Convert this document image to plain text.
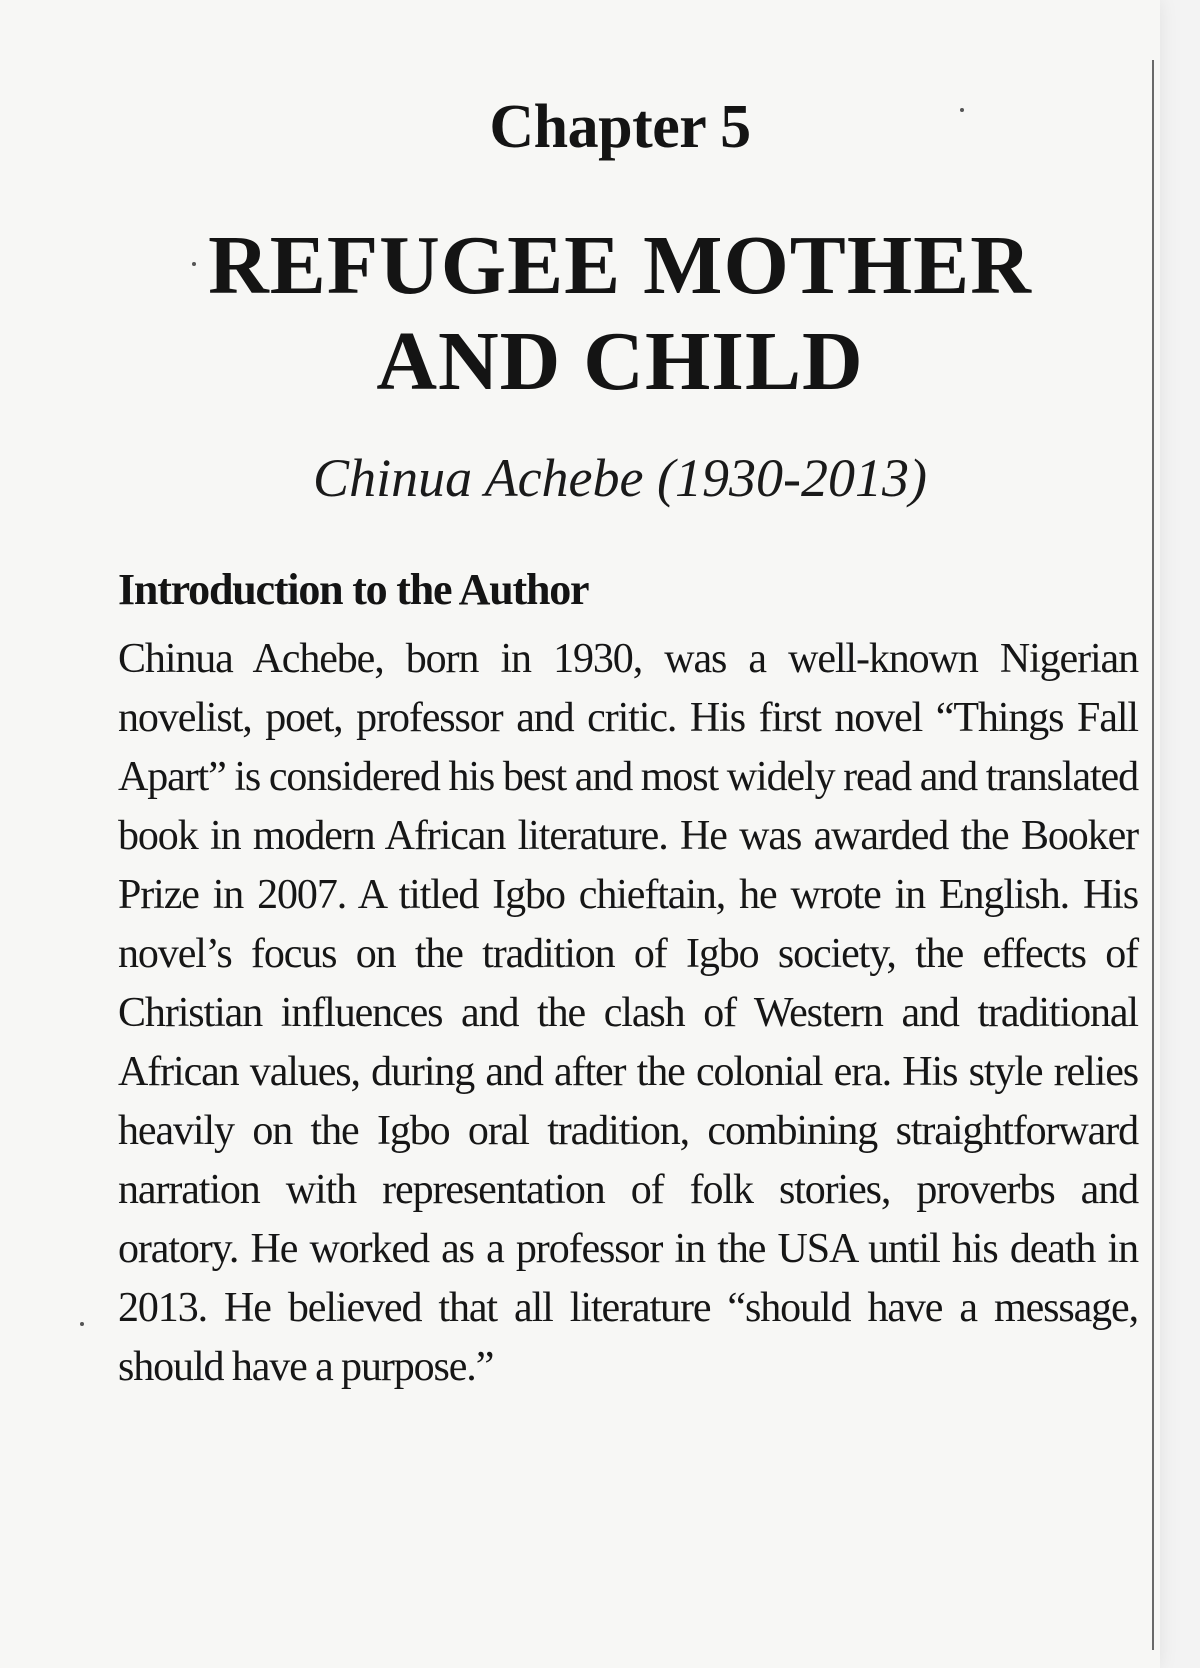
Chapter 5
REFUGEE MOTHER
AND CHILD
Chinua Achebe (1930-2013)
Introduction to the Author
Chinua Achebe, born in 1930, was a well-known Nigerian novelist, poet, professor and critic. His first novel “Things Fall Apart” is considered his best and most widely read and translated book in modern African literature. He was awarded the Booker Prize in 2007. A titled Igbo chieftain, he wrote in English. His novel’s focus on the tradition of Igbo society, the effects of Christian influences and the clash of Western and traditional African values, during and after the colonial era. His style relies heavily on the Igbo oral tradition, combining straightforward narration with representation of folk stories, proverbs and oratory. He worked as a professor in the USA until his death in 2013. He believed that all literature “should have a message, should have a purpose.”
